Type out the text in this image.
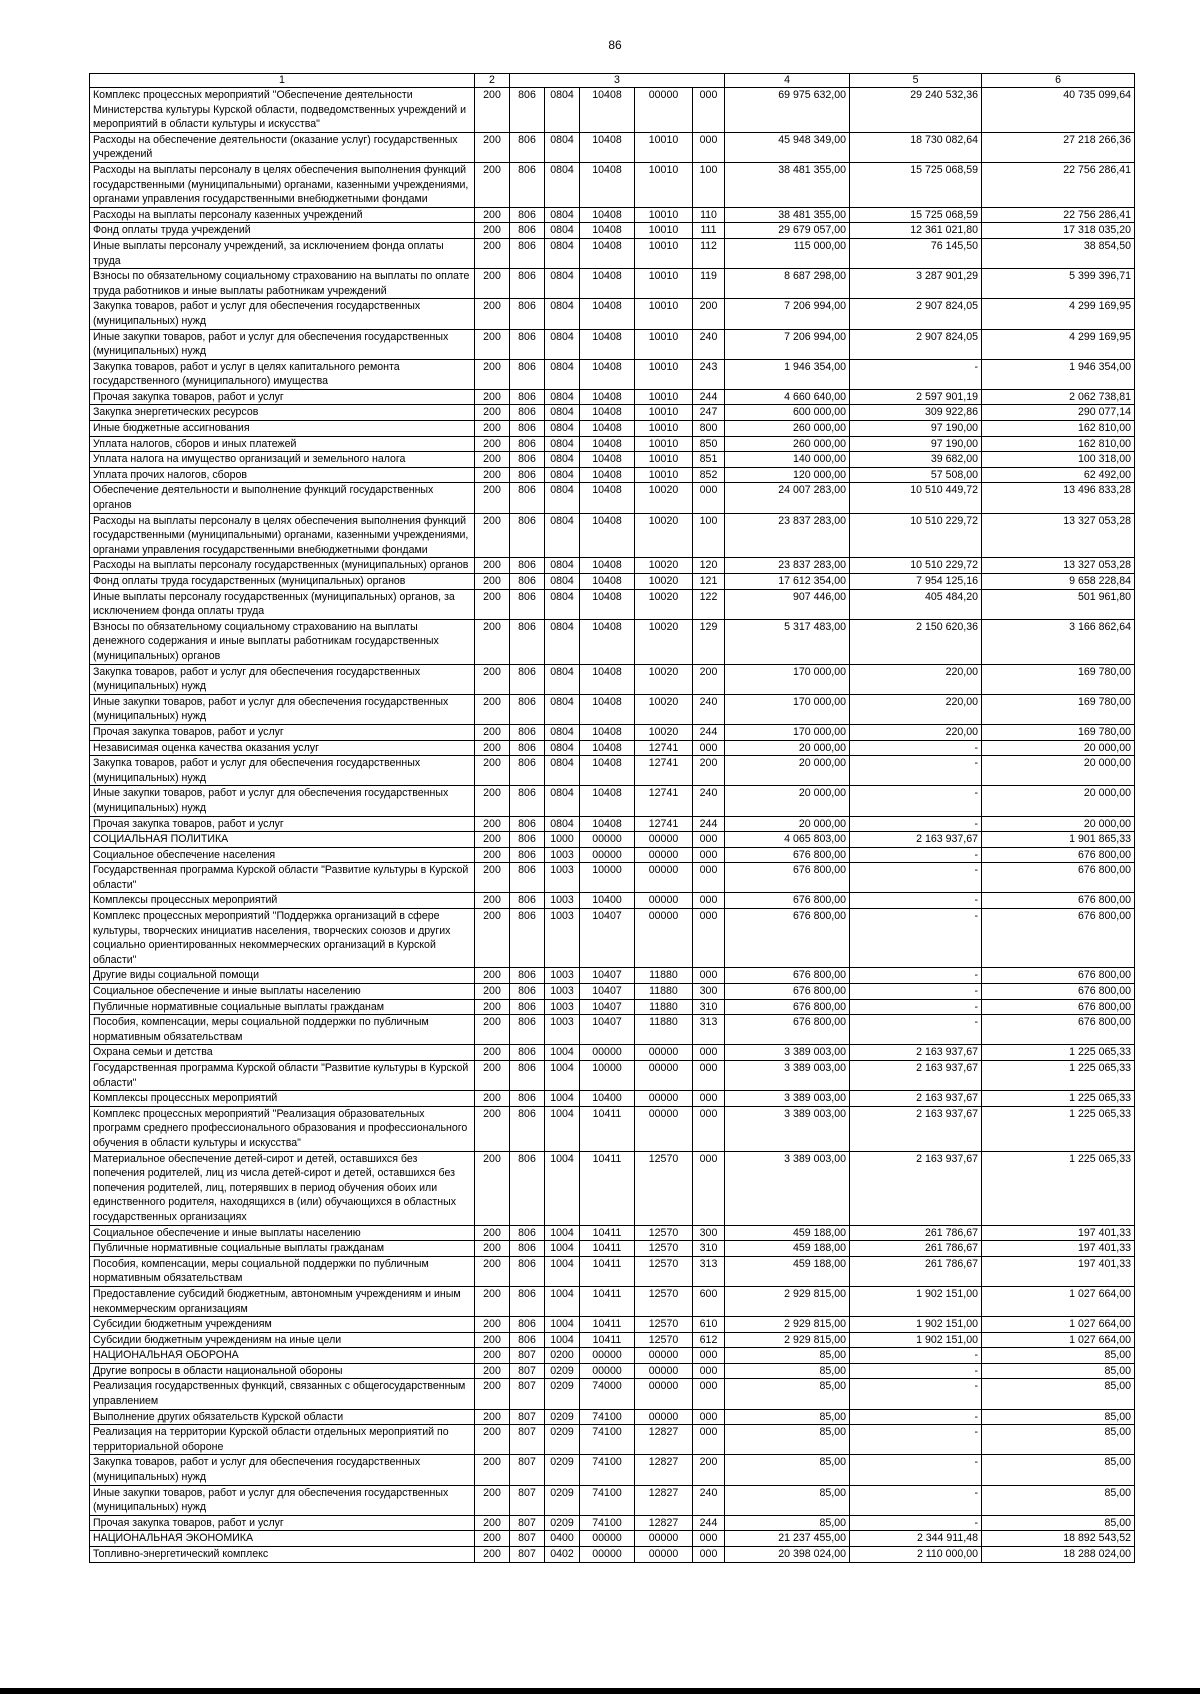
86
1	2	3					4	5	6
Комплекс процессных мероприятий "Обеспечение деятельности Министерства культуры Курской области, подведомственных учреждений и мероприятий в области культуры и искусства"	200	806	0804	10408	00000	000	69 975 632,00	29 240 532,36	40 735 099,64
Расходы на обеспечение деятельности (оказание услуг) государственных учреждений	200	806	0804	10408	10010	000	45 948 349,00	18 730 082,64	27 218 266,36
Расходы на выплаты персоналу в целях обеспечения выполнения функций государственными (муниципальными) органами, казенными учреждениями, органами управления государственными внебюджетными фондами	200	806	0804	10408	10010	100	38 481 355,00	15 725 068,59	22 756 286,41
Расходы на выплаты персоналу казенных учреждений	200	806	0804	10408	10010	110	38 481 355,00	15 725 068,59	22 756 286,41
Фонд оплаты труда учреждений	200	806	0804	10408	10010	111	29 679 057,00	12 361 021,80	17 318 035,20
Иные выплаты персоналу учреждений, за исключением фонда оплаты труда	200	806	0804	10408	10010	112	115 000,00	76 145,50	38 854,50
Взносы по обязательному социальному страхованию на выплаты по оплате труда работников и иные выплаты работникам учреждений	200	806	0804	10408	10010	119	8 687 298,00	3 287 901,29	5 399 396,71
Закупка товаров, работ и услуг для обеспечения государственных (муниципальных) нужд	200	806	0804	10408	10010	200	7 206 994,00	2 907 824,05	4 299 169,95
Иные закупки товаров, работ и услуг для обеспечения государственных (муниципальных) нужд	200	806	0804	10408	10010	240	7 206 994,00	2 907 824,05	4 299 169,95
Закупка товаров, работ и услуг в целях капитального ремонта государственного (муниципального) имущества	200	806	0804	10408	10010	243	1 946 354,00	-	1 946 354,00
Прочая закупка товаров, работ и услуг	200	806	0804	10408	10010	244	4 660 640,00	2 597 901,19	2 062 738,81
Закупка энергетических ресурсов	200	806	0804	10408	10010	247	600 000,00	309 922,86	290 077,14
Иные бюджетные ассигнования	200	806	0804	10408	10010	800	260 000,00	97 190,00	162 810,00
Уплата налогов, сборов и иных платежей	200	806	0804	10408	10010	850	260 000,00	97 190,00	162 810,00
Уплата налога на имущество организаций и земельного налога	200	806	0804	10408	10010	851	140 000,00	39 682,00	100 318,00
Уплата прочих налогов, сборов	200	806	0804	10408	10010	852	120 000,00	57 508,00	62 492,00
Обеспечение деятельности и выполнение функций государственных органов	200	806	0804	10408	10020	000	24 007 283,00	10 510 449,72	13 496 833,28
Расходы на выплаты персоналу в целях обеспечения выполнения функций государственными (муниципальными) органами, казенными учреждениями, органами управления государственными внебюджетными фондами	200	806	0804	10408	10020	100	23 837 283,00	10 510 229,72	13 327 053,28
Расходы на выплаты персоналу государственных (муниципальных) органов	200	806	0804	10408	10020	120	23 837 283,00	10 510 229,72	13 327 053,28
Фонд оплаты труда государственных (муниципальных) органов	200	806	0804	10408	10020	121	17 612 354,00	7 954 125,16	9 658 228,84
Иные выплаты персоналу государственных (муниципальных) органов, за исключением фонда оплаты труда	200	806	0804	10408	10020	122	907 446,00	405 484,20	501 961,80
Взносы по обязательному социальному страхованию на выплаты денежного содержания и иные выплаты работникам государственных (муниципальных) органов	200	806	0804	10408	10020	129	5 317 483,00	2 150 620,36	3 166 862,64
Закупка товаров, работ и услуг для обеспечения государственных (муниципальных) нужд	200	806	0804	10408	10020	200	170 000,00	220,00	169 780,00
Иные закупки товаров, работ и услуг для обеспечения государственных (муниципальных) нужд	200	806	0804	10408	10020	240	170 000,00	220,00	169 780,00
Прочая закупка товаров, работ и услуг	200	806	0804	10408	10020	244	170 000,00	220,00	169 780,00
Независимая оценка качества оказания услуг	200	806	0804	10408	12741	000	20 000,00	-	20 000,00
Закупка товаров, работ и услуг для обеспечения государственных (муниципальных) нужд	200	806	0804	10408	12741	200	20 000,00	-	20 000,00
Иные закупки товаров, работ и услуг для обеспечения государственных (муниципальных) нужд	200	806	0804	10408	12741	240	20 000,00	-	20 000,00
Прочая закупка товаров, работ и услуг	200	806	0804	10408	12741	244	20 000,00	-	20 000,00
СОЦИАЛЬНАЯ ПОЛИТИКА	200	806	1000	00000	00000	000	4 065 803,00	2 163 937,67	1 901 865,33
Социальное обеспечение населения	200	806	1003	00000	00000	000	676 800,00	-	676 800,00
Государственная программа Курской области "Развитие культуры в Курской области"	200	806	1003	10000	00000	000	676 800,00	-	676 800,00
Комплексы процессных мероприятий	200	806	1003	10400	00000	000	676 800,00	-	676 800,00
Комплекс процессных мероприятий "Поддержка организаций в сфере культуры, творческих инициатив населения, творческих союзов и других социально ориентированных некоммерческих организаций в Курской области"	200	806	1003	10407	00000	000	676 800,00	-	676 800,00
Другие виды социальной помощи	200	806	1003	10407	11880	000	676 800,00	-	676 800,00
Социальное обеспечение и иные выплаты населению	200	806	1003	10407	11880	300	676 800,00	-	676 800,00
Публичные нормативные социальные выплаты гражданам	200	806	1003	10407	11880	310	676 800,00	-	676 800,00
Пособия, компенсации, меры социальной поддержки по публичным нормативным обязательствам	200	806	1003	10407	11880	313	676 800,00	-	676 800,00
Охрана семьи и детства	200	806	1004	00000	00000	000	3 389 003,00	2 163 937,67	1 225 065,33
Государственная программа Курской области "Развитие культуры в Курской области"	200	806	1004	10000	00000	000	3 389 003,00	2 163 937,67	1 225 065,33
Комплексы процессных мероприятий	200	806	1004	10400	00000	000	3 389 003,00	2 163 937,67	1 225 065,33
Комплекс процессных мероприятий "Реализация образовательных программ среднего профессионального образования и профессионального обучения в области культуры и искусства"	200	806	1004	10411	00000	000	3 389 003,00	2 163 937,67	1 225 065,33
Материальное обеспечение детей-сирот и детей, оставшихся без попечения родителей, лиц из числа детей-сирот и детей, оставшихся без попечения родителей, лиц, потерявших в период обучения обоих или единственного родителя, находящихся в (или) обучающихся в областных государственных организациях	200	806	1004	10411	12570	000	3 389 003,00	2 163 937,67	1 225 065,33
Социальное обеспечение и иные выплаты населению	200	806	1004	10411	12570	300	459 188,00	261 786,67	197 401,33
Публичные нормативные социальные выплаты гражданам	200	806	1004	10411	12570	310	459 188,00	261 786,67	197 401,33
Пособия, компенсации, меры социальной поддержки по публичным нормативным обязательствам	200	806	1004	10411	12570	313	459 188,00	261 786,67	197 401,33
Предоставление субсидий бюджетным, автономным учреждениям и иным некоммерческим организациям	200	806	1004	10411	12570	600	2 929 815,00	1 902 151,00	1 027 664,00
Субсидии бюджетным учреждениям	200	806	1004	10411	12570	610	2 929 815,00	1 902 151,00	1 027 664,00
Субсидии бюджетным учреждениям на иные цели	200	806	1004	10411	12570	612	2 929 815,00	1 902 151,00	1 027 664,00
НАЦИОНАЛЬНАЯ ОБОРОНА	200	807	0200	00000	00000	000	85,00	-	85,00
Другие вопросы в области национальной обороны	200	807	0209	00000	00000	000	85,00	-	85,00
Реализация государственных функций, связанных с общегосударственным управлением	200	807	0209	74000	00000	000	85,00	-	85,00
Выполнение других обязательств Курской области	200	807	0209	74100	00000	000	85,00	-	85,00
Реализация на территории Курской области отдельных мероприятий по территориальной обороне	200	807	0209	74100	12827	000	85,00	-	85,00
Закупка товаров, работ и услуг для обеспечения государственных (муниципальных) нужд	200	807	0209	74100	12827	200	85,00	-	85,00
Иные закупки товаров, работ и услуг для обеспечения государственных (муниципальных) нужд	200	807	0209	74100	12827	240	85,00	-	85,00
Прочая закупка товаров, работ и услуг	200	807	0209	74100	12827	244	85,00	-	85,00
НАЦИОНАЛЬНАЯ ЭКОНОМИКА	200	807	0400	00000	00000	000	21 237 455,00	2 344 911,48	18 892 543,52
Топливно-энергетический комплекс	200	807	0402	00000	00000	000	20 398 024,00	2 110 000,00	18 288 024,00
